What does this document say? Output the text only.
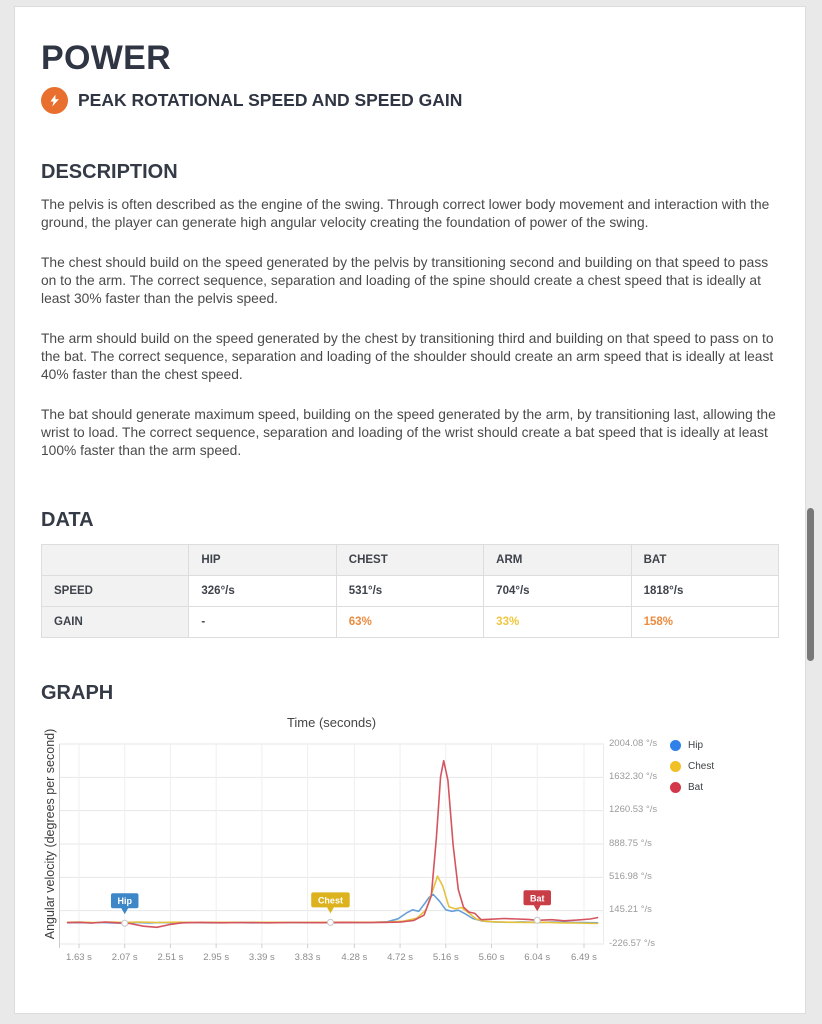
POWER
PEAK ROTATIONAL SPEED AND SPEED GAIN
DESCRIPTION

The pelvis is often described as the engine of the swing. Through correct lower body movement and interaction with the ground, the player can generate high angular velocity creating the foundation of power of the swing.

The chest should build on the speed generated by the pelvis by transitioning second and building on that speed to pass on to the arm. The correct sequence, separation and loading of the spine should create a chest speed that is ideally at least 30% faster than the pelvis speed.

The arm should build on the speed generated by the chest by transitioning third and building on that speed to pass on to the bat. The correct sequence, separation and loading of the shoulder should create an arm speed that is ideally at least 40% faster than the chest speed.

The bat should generate maximum speed, building on the speed generated by the arm, by transitioning last, allowing the wrist to load. The correct sequence, separation and loading of the wrist should create a bat speed that is ideally at least 100% faster than the arm speed.

DATA
	HIP	CHEST	ARM	BAT
SPEED	326°/s	531°/s	704°/s	1818°/s
GAIN	-	63%	33%	158%
GRAPH
Angular velocity (degrees per second)
Time (seconds)
Hip	Chest	Bat
1.63 s	2.07 s	2.51 s	2.95 s	3.39 s	3.83 s	4.28 s	4.72 s	5.16 s	5.60 s	6.04 s	6.49 s
2004.08 °/s
1632.30 °/s
1260.53 °/s
888.75 °/s
516.98 °/s
145.21 °/s
-226.57 °/s
Hip
Chest
Bat
